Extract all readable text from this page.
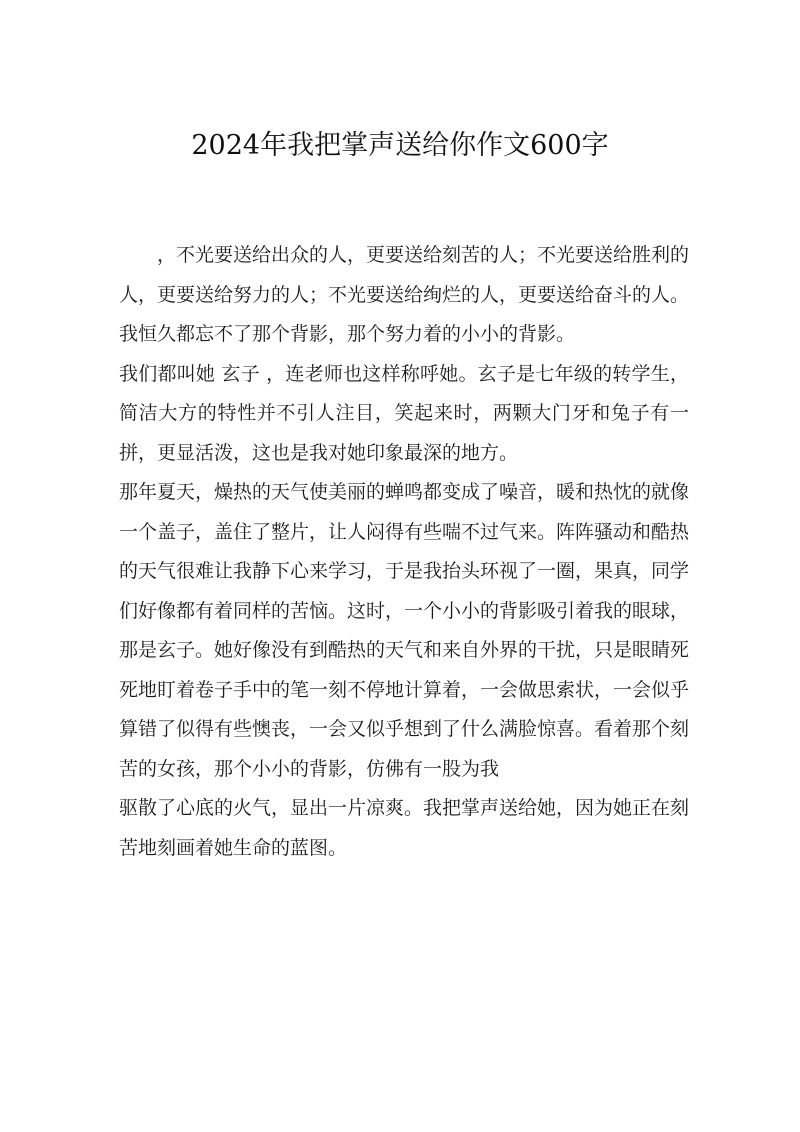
2024年我把掌声送给你作文600字

，不光要送给出众的人，更要送给刻苦的人；不光要送给胜利的人，更要送给努力的人；不光要送给绚烂的人，更要送给奋斗的人。

我恒久都忘不了那个背影，那个努力着的小小的背影。

我们都叫她 玄子 ，连老师也这样称呼她。玄子是七年级的转学生，简洁大方的特性并不引人注目，笑起来时，两颗大门牙和兔子有一拼，更显活泼，这也是我对她印象最深的地方。

那年夏天，燥热的天气使美丽的蝉鸣都变成了噪音，暖和热忱的就像一个盖子，盖住了整片，让人闷得有些喘不过气来。阵阵骚动和酷热的天气很难让我静下心来学习，于是我抬头环视了一圈，果真，同学们好像都有着同样的苦恼。这时，一个小小的背影吸引着我的眼球，那是玄子。她好像没有到酷热的天气和来自外界的干扰，只是眼睛死死地盯着卷子手中的笔一刻不停地计算着，一会做思索状，一会似乎算错了似得有些懊丧，一会又似乎想到了什么满脸惊喜。看着那个刻苦的女孩，那个小小的背影，仿佛有一股为我

驱散了心底的火气，显出一片凉爽。我把掌声送给她，因为她正在刻苦地刻画着她生命的蓝图。
